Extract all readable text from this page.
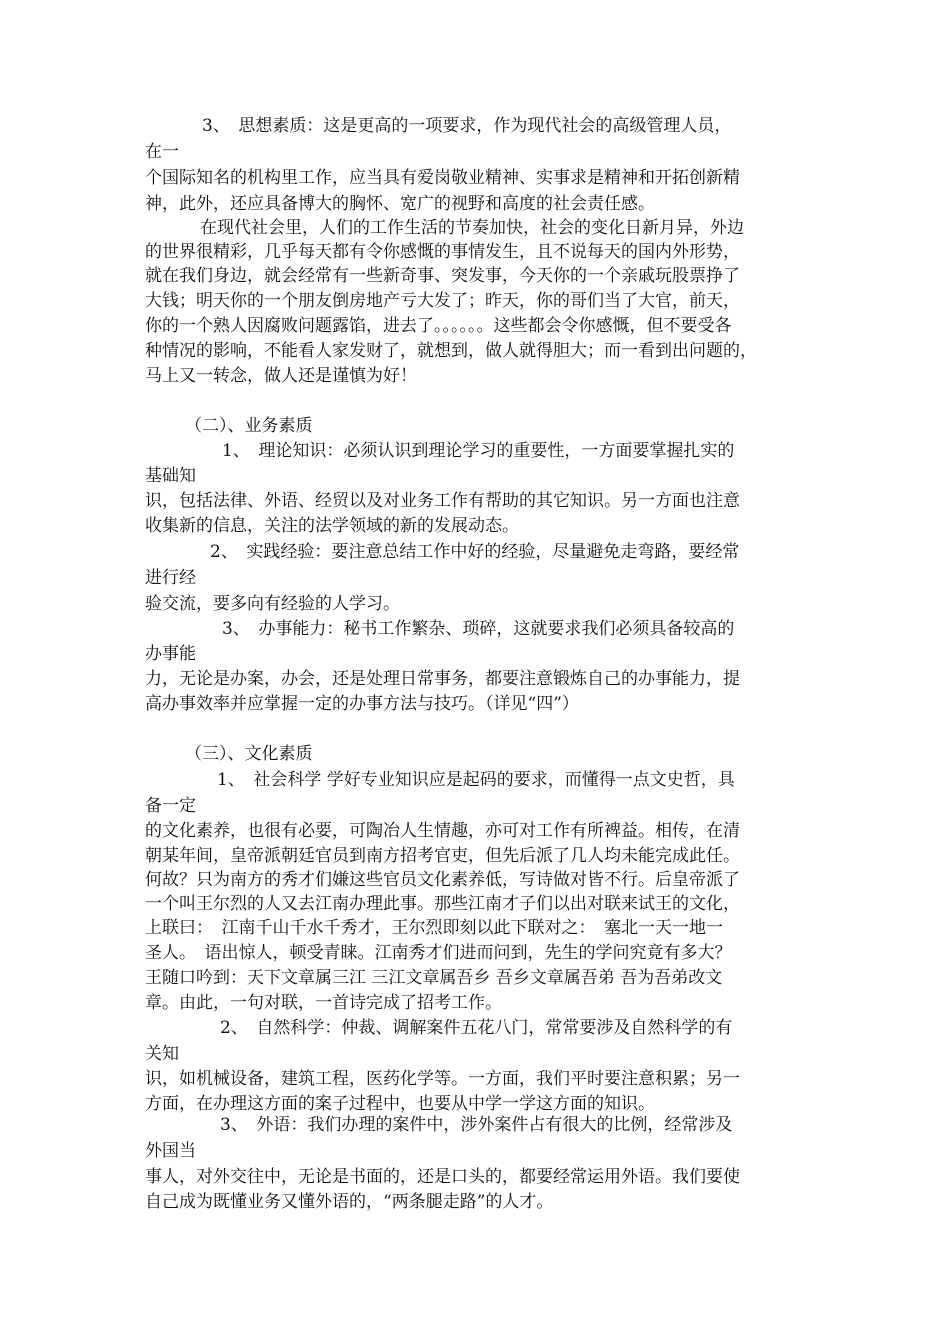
3、　思想素质：这是更高的一项要求，作为现代社会的高级管理人员，
在一
个国际知名的机构里工作，应当具有爱岗敬业精神、实事求是精神和开拓创新精
神，此外，还应具备博大的胸怀、宽广的视野和高度的社会责任感。
在现代社会里，人们的工作生活的节奏加快，社会的变化日新月异，外边
的世界很精彩，几乎每天都有令你感慨的事情发生，且不说每天的国内外形势，
就在我们身边，就会经常有一些新奇事、突发事，今天你的一个亲戚玩股票挣了
大钱；明天你的一个朋友倒房地产亏大发了；昨天，你的哥们当了大官，前天，
你的一个熟人因腐败问题露馅，进去了。。。。。。这些都会令你感慨，但不要受各
种情况的影响，不能看人家发财了，就想到，做人就得胆大；而一看到出问题的，
马上又一转念，做人还是谨慎为好！
（二）、业务素质
1、　理论知识：必须认识到理论学习的重要性，一方面要掌握扎实的
基础知
识，包括法律、外语、经贸以及对业务工作有帮助的其它知识。另一方面也注意
收集新的信息，关注的法学领域的新的发展动态。
2、　实践经验：要注意总结工作中好的经验，尽量避免走弯路，要经常
进行经
验交流，要多向有经验的人学习。
3、　办事能力：秘书工作繁杂、琐碎，这就要求我们必须具备较高的
办事能
力，无论是办案，办会，还是处理日常事务，都要注意锻炼自己的办事能力，提
高办事效率并应掌握一定的办事方法与技巧。（详见“四”）
（三）、文化素质
1、　社会科学 学好专业知识应是起码的要求，而懂得一点文史哲，具
备一定
的文化素养，也很有必要，可陶冶人生情趣，亦可对工作有所裨益。相传，在清
朝某年间，皇帝派朝廷官员到南方招考官吏，但先后派了几人均未能完成此任。
何故？只为南方的秀才们嫌这些官员文化素养低，写诗做对皆不行。后皇帝派了
一个叫王尔烈的人又去江南办理此事。那些江南才子们以出对联来试王的文化，
上联曰：　江南千山千水千秀才，王尔烈即刻以此下联对之：　塞北一天一地一
圣人。　语出惊人，顿受青睐。江南秀才们进而问到，先生的学问究竟有多大？
王随口吟到：天下文章属三江 三江文章属吾乡 吾乡文章属吾弟 吾为吾弟改文
章。由此，一句对联，一首诗完成了招考工作。
2、　自然科学：仲裁、调解案件五花八门，常常要涉及自然科学的有
关知
识，如机械设备，建筑工程，医药化学等。一方面，我们平时要注意积累；另一
方面，在办理这方面的案子过程中，也要从中学一学这方面的知识。
3、　外语：我们办理的案件中，涉外案件占有很大的比例，经常涉及
外国当
事人，对外交往中，无论是书面的，还是口头的，都要经常运用外语。我们要使
自己成为既懂业务又懂外语的，“两条腿走路”的人才。
